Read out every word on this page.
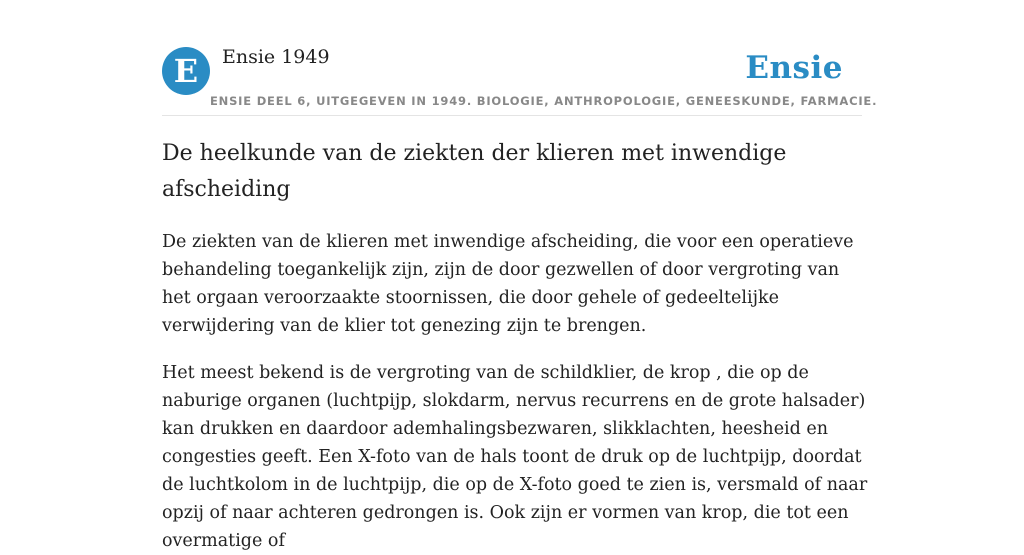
E	Ensie 1949	Ensie
ENSIE DEEL 6, UITGEGEVEN IN 1949. BIOLOGIE, ANTHROPOLOGIE, GENEESKUNDE, FARMACIE.
De heelkunde van de ziekten der klieren met inwendige afscheiding

De ziekten van de klieren met inwendige afscheiding, die voor een operatieve behandeling toegankelijk zijn, zijn de door gezwellen of door vergroting van het orgaan veroorzaakte stoornissen, die door gehele of gedeeltelijke verwijdering van de klier tot genezing zijn te brengen.

Het meest bekend is de vergroting van de schildklier, de krop , die op de naburige organen (luchtpijp, slokdarm, nervus recurrens en de grote halsader) kan drukken en daardoor ademhalingsbezwaren, slikklachten, heesheid en congesties geeft. Een X-foto van de hals toont de druk op de luchtpijp, doordat de luchtkolom in de luchtpijp, die op de X-foto goed te zien is, versmald of naar opzij of naar achteren gedrongen is. Ook zijn er vormen van krop, die tot een overmatige of
